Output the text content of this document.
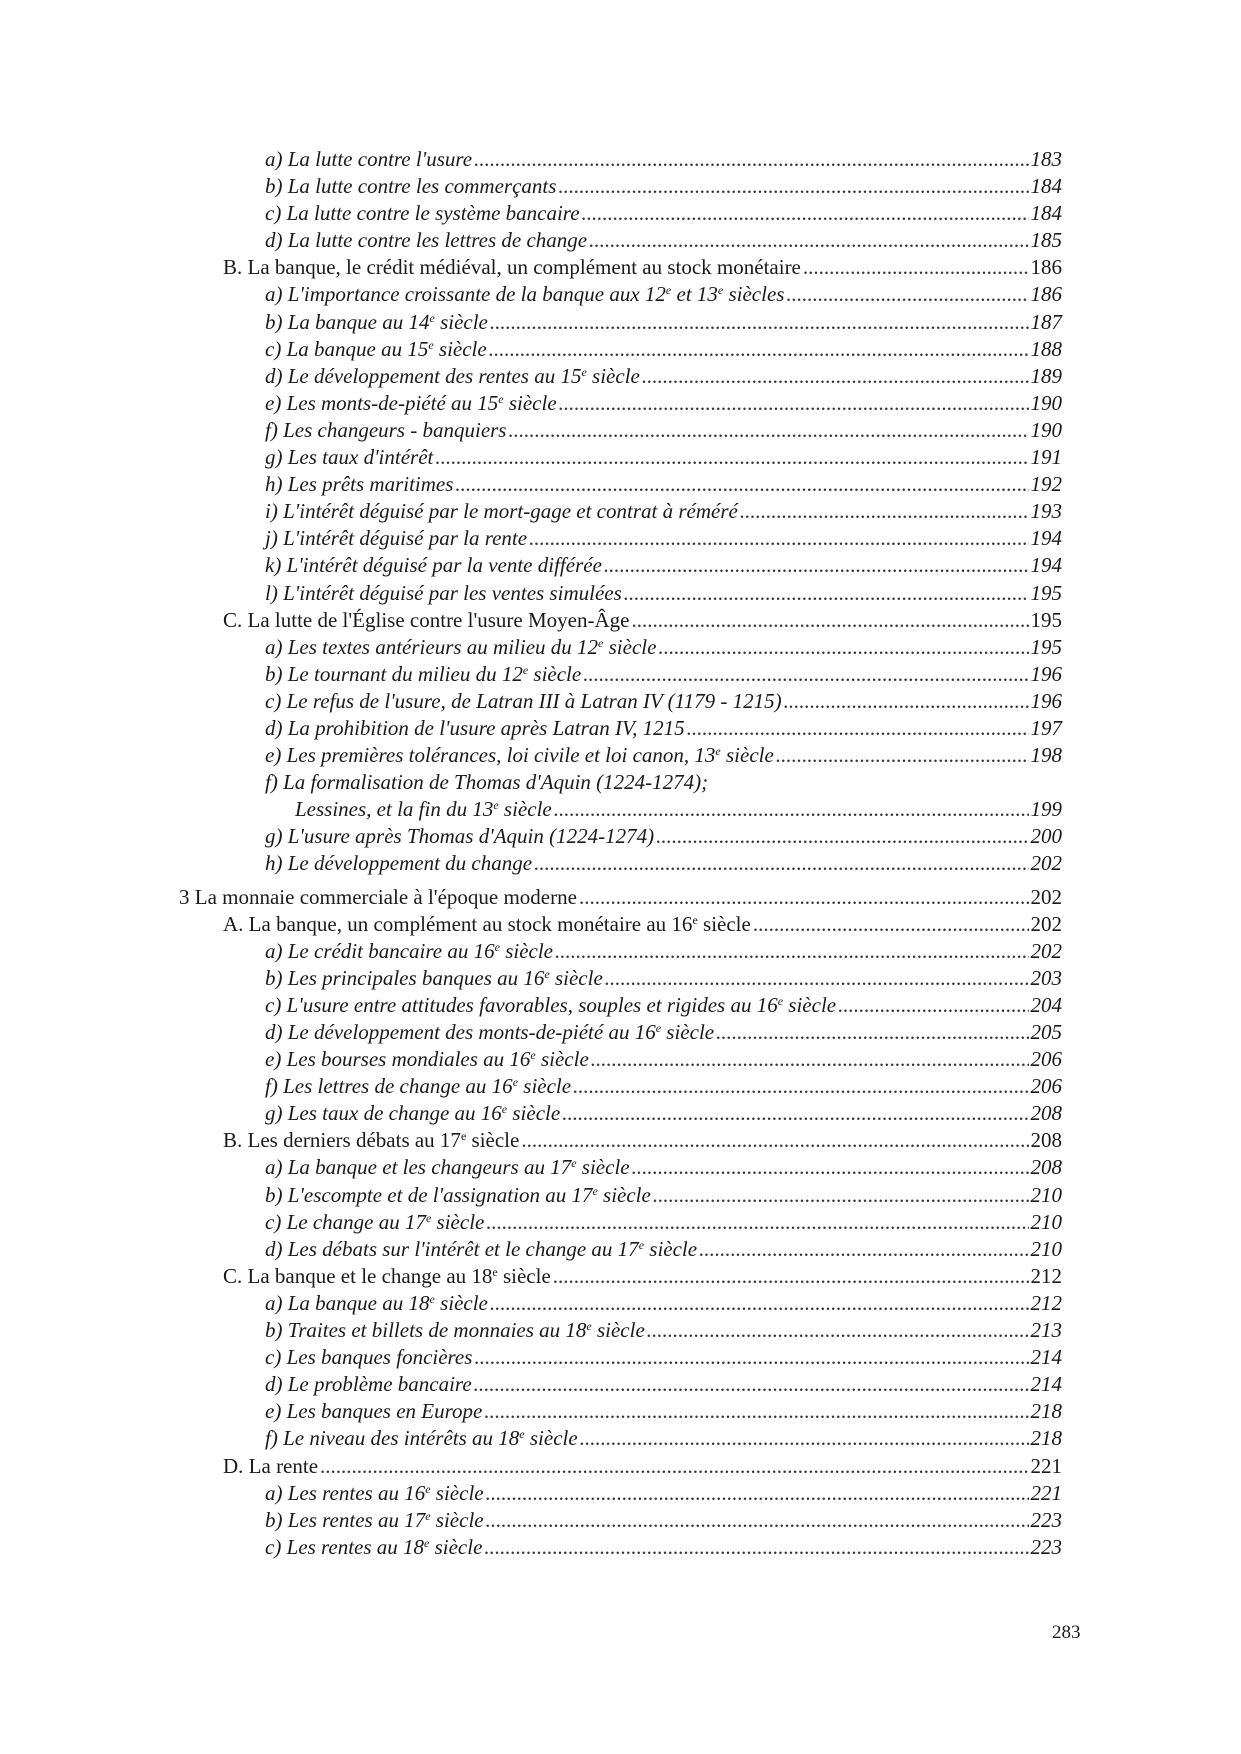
a) La lutte contre l'usure .....	183
b) La lutte contre les commerçants .....	184
c) La lutte contre le système bancaire .....	184
d) La lutte contre les lettres de change .....	185
B. La banque, le crédit médiéval, un complément au stock monétaire .....	186
a) L'importance croissante de la banque aux 12e et 13e siècles .....	186
b) La banque au 14e siècle .....	187
c) La banque au 15e siècle .....	188
d) Le développement des rentes au 15e siècle .....	189
e) Les monts-de-piété au 15e siècle .....	190
f) Les changeurs - banquiers .....	190
g) Les taux d'intérêt .....	191
h) Les prêts maritimes .....	192
i) L'intérêt déguisé par le mort-gage et contrat à réméré .....	193
j) L'intérêt déguisé par la rente .....	194
k) L'intérêt déguisé par la vente différée .....	194
l) L'intérêt déguisé par les ventes simulées .....	195
C. La lutte de l'Église contre l'usure Moyen-Âge .....	195
a) Les textes antérieurs au milieu du 12e siècle .....	195
b) Le tournant du milieu du 12e siècle .....	196
c) Le refus de l'usure, de Latran III à Latran IV (1179 - 1215) .....	196
d) La prohibition de l'usure après Latran IV, 1215 .....	197
e) Les premières tolérances, loi civile et loi canon, 13e siècle .....	198
f) La formalisation de Thomas d'Aquin (1224-1274);
Lessines, et la fin du 13e siècle .....	199
g) L'usure après Thomas d'Aquin (1224-1274) .....	200
h) Le développement du change .....	202
3 La monnaie commerciale à l'époque moderne .....	202
A. La banque, un complément au stock monétaire au 16e siècle .....	202
a) Le crédit bancaire au 16e siècle .....	202
b) Les principales banques au 16e siècle .....	203
c) L'usure entre attitudes favorables, souples et rigides au 16e siècle .....	204
d) Le développement des monts-de-piété au 16e siècle .....	205
e) Les bourses mondiales au 16e siècle .....	206
f) Les lettres de change au 16e siècle .....	206
g) Les taux de change au 16e siècle .....	208
B. Les derniers débats au 17e siècle .....	208
a) La banque et les changeurs au 17e siècle .....	208
b) L'escompte et de l'assignation au 17e siècle .....	210
c) Le change au 17e siècle .....	210
d) Les débats sur l'intérêt et le change au 17e siècle .....	210
C. La banque et le change au 18e siècle .....	212
a) La banque au 18e siècle .....	212
b) Traites et billets de monnaies au 18e siècle .....	213
c) Les banques foncières .....	214
d) Le problème bancaire .....	214
e) Les banques en Europe .....	218
f) Le niveau des intérêts au 18e siècle .....	218
D. La rente .....	221
a) Les rentes au 16e siècle .....	221
b) Les rentes au 17e siècle .....	223
c) Les rentes au 18e siècle .....	223
283
